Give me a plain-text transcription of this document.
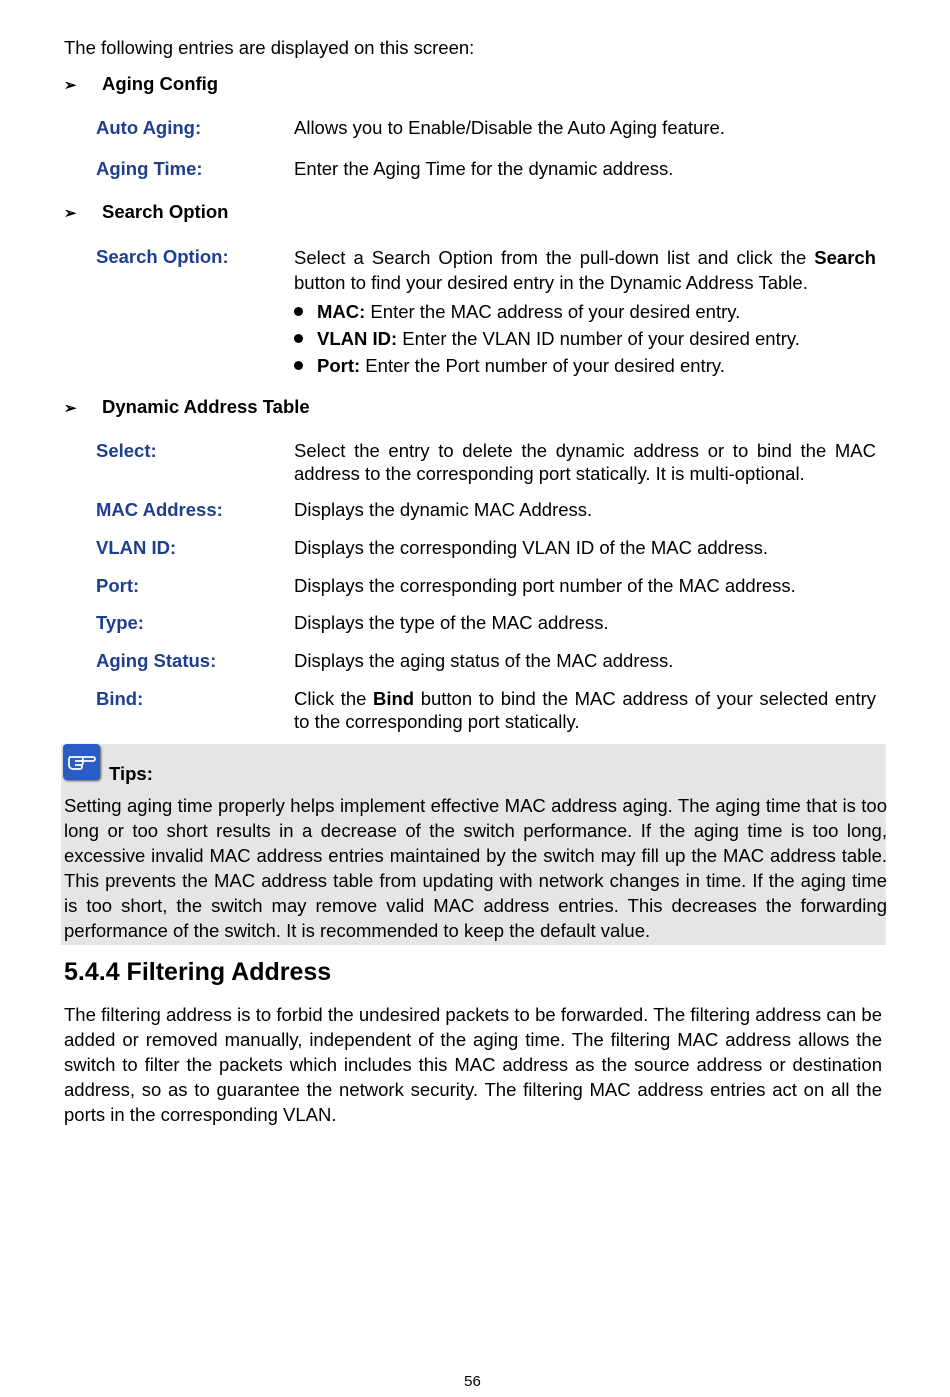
The following entries are displayed on this screen:
➢ Aging Config
Auto Aging:	Allows you to Enable/Disable the Auto Aging feature.
Aging Time:	Enter the Aging Time for the dynamic address.
➢ Search Option
Search Option:	Select a Search Option from the pull-down list and click the Search button to find your desired entry in the Dynamic Address Table.
MAC: Enter the MAC address of your desired entry.
VLAN ID: Enter the VLAN ID number of your desired entry.
Port: Enter the Port number of your desired entry.
➢ Dynamic Address Table
Select:	Select the entry to delete the dynamic address or to bind the MAC address to the corresponding port statically. It is multi-optional.
MAC Address:	Displays the dynamic MAC Address.
VLAN ID:	Displays the corresponding VLAN ID of the MAC address.
Port:	Displays the corresponding port number of the MAC address.
Type:	Displays the type of the MAC address.
Aging Status:	Displays the aging status of the MAC address.
Bind:	Click the Bind button to bind the MAC address of your selected entry to the corresponding port statically.
Tips:
Setting aging time properly helps implement effective MAC address aging. The aging time that is too long or too short results in a decrease of the switch performance. If the aging time is too long, excessive invalid MAC address entries maintained by the switch may fill up the MAC address table. This prevents the MAC address table from updating with network changes in time. If the aging time is too short, the switch may remove valid MAC address entries. This decreases the forwarding performance of the switch. It is recommended to keep the default value.
5.4.4 Filtering Address
The filtering address is to forbid the undesired packets to be forwarded. The filtering address can be added or removed manually, independent of the aging time. The filtering MAC address allows the switch to filter the packets which includes this MAC address as the source address or destination address, so as to guarantee the network security. The filtering MAC address entries act on all the ports in the corresponding VLAN.
56
